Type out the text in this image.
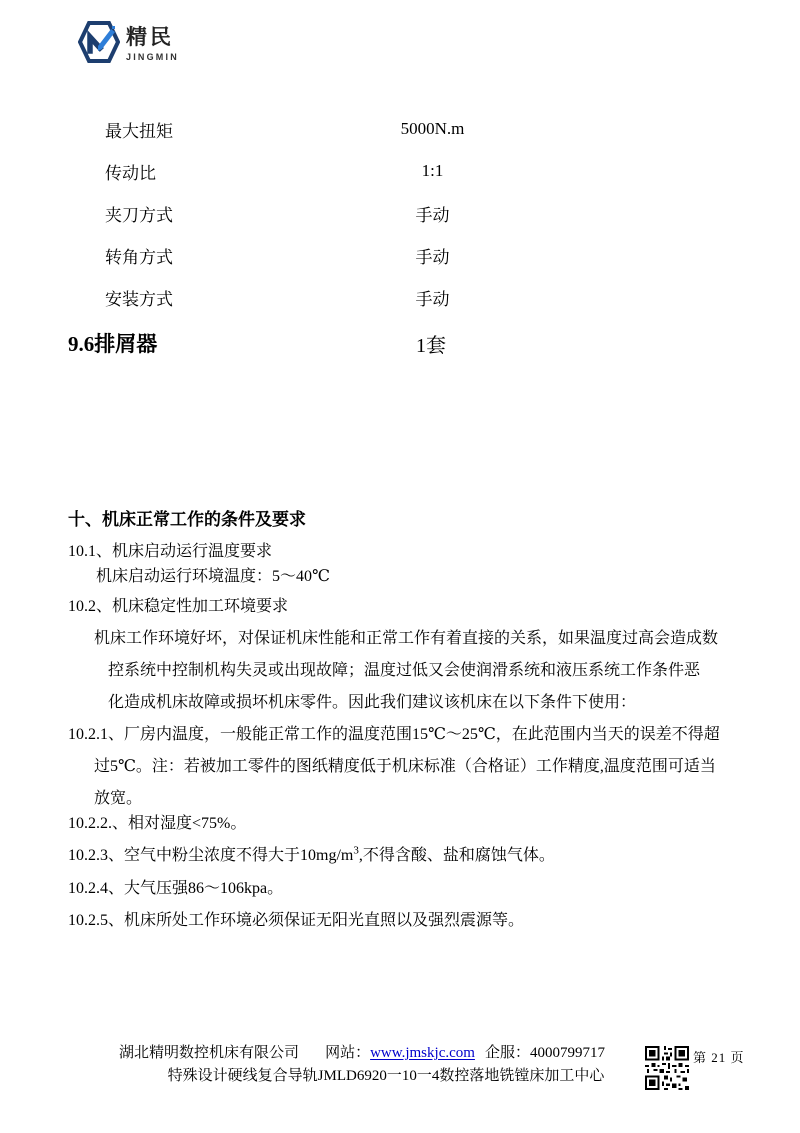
精民
JINGMIN
最大扭矩	5000N.m
传动比	1:1
夹刀方式	手动
转角方式	手动
安装方式	手动
9.6排屑器	1套
十、机床正常工作的条件及要求
10.1、机床启动运行温度要求
机床启动运行环境温度：5～40℃
10.2、机床稳定性加工环境要求
机床工作环境好坏，对保证机床性能和正常工作有着直接的关系，如果温度过高会造成数
控系统中控制机构失灵或出现故障；温度过低又会使润滑系统和液压系统工作条件恶
化造成机床故障或损坏机床零件。因此我们建议该机床在以下条件下使用：
10.2.1、厂房内温度，一般能正常工作的温度范围15℃～25℃，在此范围内当天的误差不得超
过5℃。注：若被加工零件的图纸精度低于机床标准（合格证）工作精度,温度范围可适当
放宽。
10.2.2.、相对湿度<75%。
10.2.3、空气中粉尘浓度不得大于$10mg/m^3$,不得含酸、盐和腐蚀气体。
10.2.4、大气压强86～106kpa。
10.2.5、机床所处工作环境必须保证无阳光直照以及强烈震源等。
湖北精明数控机床有限公司 网站：www.jmskjc.com 企服：4000799717
特殊设计硬线复合导轨JMLD6920一10一4数控落地铣镗床加工中心
第 21 页
